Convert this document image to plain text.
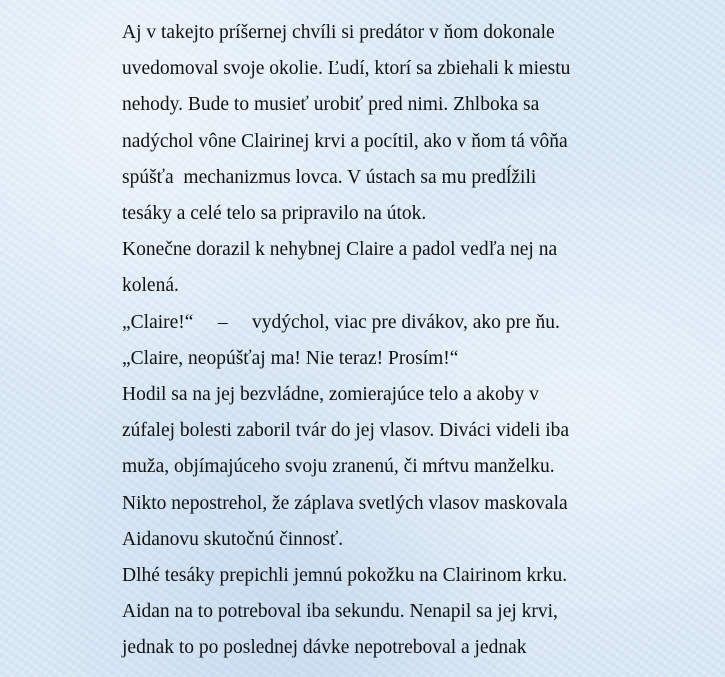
Aj v takejto príšernej chvíli si predátor v ňom dokonale
uvedomoval svoje okolie. Ľudí, ktorí sa zbiehali k miestu
nehody. Bude to musieť urobiť pred nimi. Zhlboka sa
nadýchol vône Clairinej krvi a pocítil, ako v ňom tá vôňa
spúšťa  mechanizmus lovca. V ústach sa mu predĺžili
tesáky a celé telo sa pripravilo na útok.
Konečne dorazil k nehybnej Claire a padol vedľa nej na
kolená.
„Claire!“     –     vydýchol, viac pre divákov, ako pre ňu.
„Claire, neopúšťaj ma! Nie teraz! Prosím!“
Hodil sa na jej bezvládne, zomierajúce telo a akoby v
zúfalej bolesti zaboril tvár do jej vlasov. Diváci videli iba
muža, objímajúceho svoju zranenú, či mŕtvu manželku.
Nikto nepostrehol, že záplava svetlých vlasov maskovala
Aidanovu skutočnú činnosť.
Dlhé tesáky prepichli jemnú pokožku na Clairinom krku.
Aidan na to potreboval iba sekundu. Nenapil sa jej krvi,
jednak to po poslednej dávke nepotreboval a jednak
